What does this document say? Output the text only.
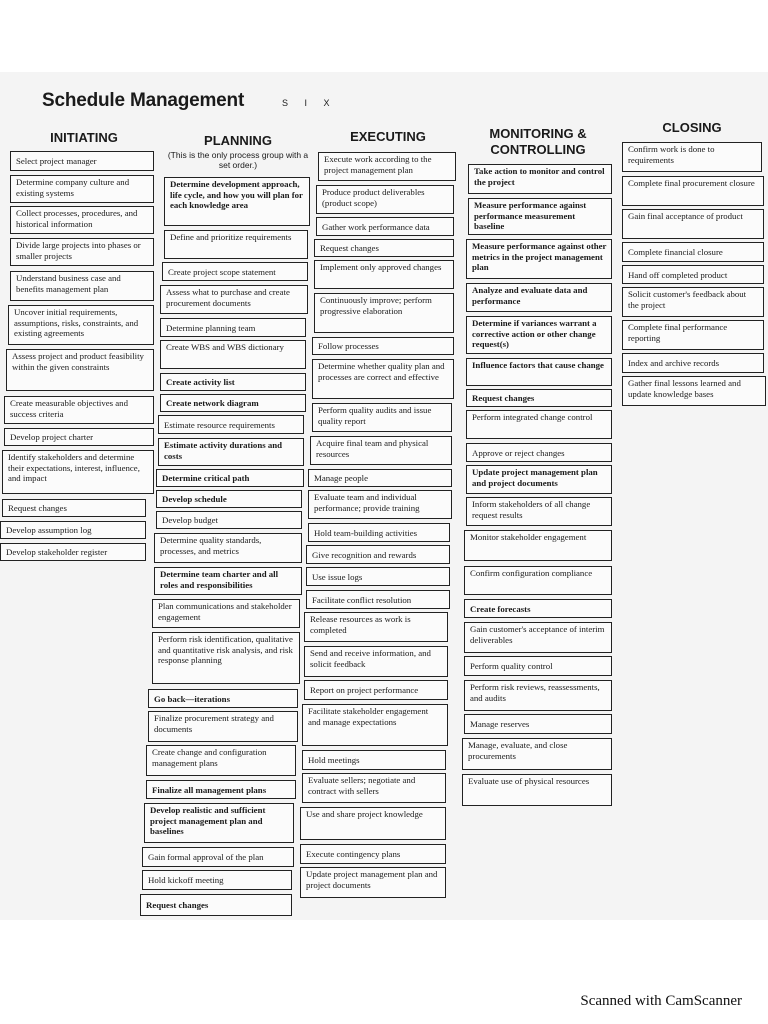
Schedule Management	S I X
INITIATING	PLANNING
(This is the only process group with a set order.)
EXECUTING	MONITORING & CONTROLLING
CLOSING
Select project manager
Determine company culture and existing systems
Collect processes, procedures, and historical information
Divide large projects into phases or smaller projects
Understand business case and benefits management plan
Uncover initial requirements, assumptions, risks, constraints, and existing agreements
Assess project and product feasibility within the given constraints
Create measurable objectives and success criteria
Develop project charter
Identify stakeholders and determine their expectations, interest, influence, and impact
Request changes
Develop assumption log
Develop stakeholder register
Determine development approach, life cycle, and how you will plan for each knowledge area
Define and prioritize requirements
Create project scope statement
Assess what to purchase and create procurement documents
Determine planning team
Create WBS and WBS dictionary
Create activity list
Create network diagram
Estimate resource requirements
Estimate activity durations and costs
Determine critical path
Develop schedule
Develop budget
Determine quality standards, processes, and metrics
Determine team charter and all roles and responsibilities
Plan communications and stakeholder engagement
Perform risk identification, qualitative and quantitative risk analysis, and risk response planning
Go back—iterations
Finalize procurement strategy and documents
Create change and configuration management plans
Finalize all management plans
Develop realistic and sufficient project management plan and baselines
Gain formal approval of the plan
Hold kickoff meeting
Request changes
Execute work according to the project management plan
Produce product deliverables (product scope)
Gather work performance data
Request changes
Implement only approved changes
Continuously improve; perform progressive elaboration
Follow processes
Determine whether quality plan and processes are correct and effective
Perform quality audits and issue quality report
Acquire final team and physical resources
Manage people
Evaluate team and individual performance; provide training
Hold team-building activities
Give recognition and rewards
Use issue logs
Facilitate conflict resolution
Release resources as work is completed
Send and receive information, and solicit feedback
Report on project performance
Facilitate stakeholder engagement and manage expectations
Hold meetings
Evaluate sellers; negotiate and contract with sellers
Use and share project knowledge
Execute contingency plans
Update project management plan and project documents
Take action to monitor and control the project
Measure performance against performance measurement baseline
Measure performance against other metrics in the project management plan
Analyze and evaluate data and performance
Determine if variances warrant a corrective action or other change request(s)
Influence factors that cause change
Request changes
Perform integrated change control
Approve or reject changes
Update project management plan and project documents
Inform stakeholders of all change request results
Monitor stakeholder engagement
Confirm configuration compliance
Create forecasts
Gain customer's acceptance of interim deliverables
Perform quality control
Perform risk reviews, reassessments, and audits
Manage reserves
Manage, evaluate, and close procurements
Evaluate use of physical resources
Confirm work is done to requirements
Complete final procurement closure
Gain final acceptance of product
Complete financial closure
Hand off completed product
Solicit customer's feedback about the project
Complete final performance reporting
Index and archive records
Gather final lessons learned and update knowledge bases
Scanned with CamScanner
